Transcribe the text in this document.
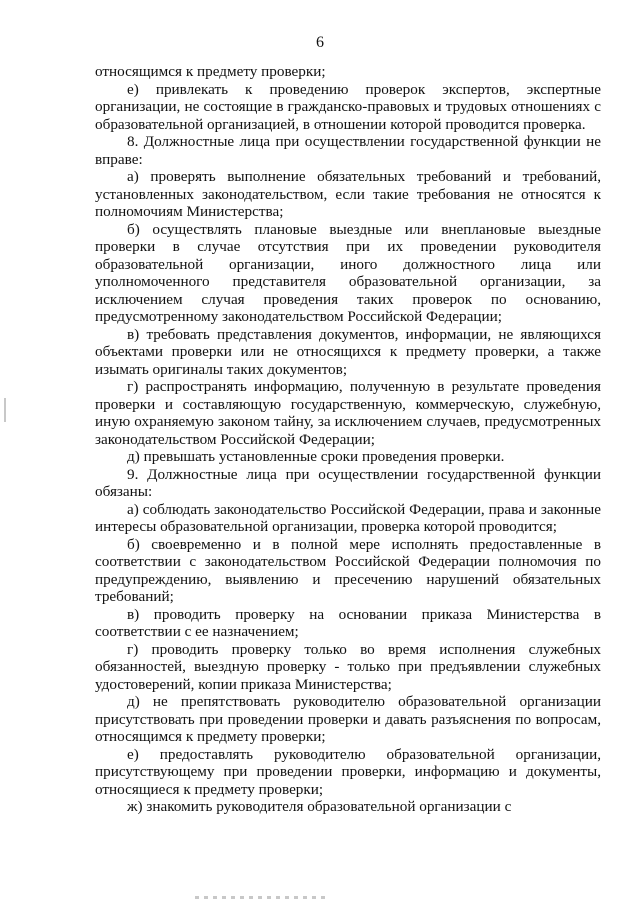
6

относящимся к предмету проверки;

е) привлекать к проведению проверок экспертов, экспертные организации, не состоящие в гражданско-правовых и трудовых отношениях с образовательной организацией, в отношении которой проводится проверка.

8. Должностные лица при осуществлении государственной функции не вправе:

а) проверять выполнение обязательных требований и требований, установленных законодательством, если такие требования не относятся к полномочиям Министерства;

б) осуществлять плановые выездные или внеплановые выездные проверки в случае отсутствия при их проведении руководителя образовательной организации, иного должностного лица или уполномоченного представителя образовательной организации, за исключением случая проведения таких проверок по основанию, предусмотренному законодательством Российской Федерации;

в) требовать представления документов, информации, не являющихся объектами проверки или не относящихся к предмету проверки, а также изымать оригиналы таких документов;

г) распространять информацию, полученную в результате проведения проверки и составляющую государственную, коммерческую, служебную, иную охраняемую законом тайну, за исключением случаев, предусмотренных законодательством Российской Федерации;

д) превышать установленные сроки проведения проверки.

9. Должностные лица при осуществлении государственной функции обязаны:

а) соблюдать законодательство Российской Федерации, права и законные интересы образовательной организации, проверка которой проводится;

б) своевременно и в полной мере исполнять предоставленные в соответствии с законодательством Российской Федерации полномочия по предупреждению, выявлению и пресечению нарушений обязательных требований;

в) проводить проверку на основании приказа Министерства в соответствии с ее назначением;

г) проводить проверку только во время исполнения служебных обязанностей, выездную проверку - только при предъявлении служебных удостоверений, копии приказа Министерства;

д) не препятствовать руководителю образовательной организации присутствовать при проведении проверки и давать разъяснения по вопросам, относящимся к предмету проверки;

е) предоставлять руководителю образовательной организации, присутствующему при проведении проверки, информацию и документы, относящиеся к предмету проверки;

ж) знакомить руководителя образовательной организации с
